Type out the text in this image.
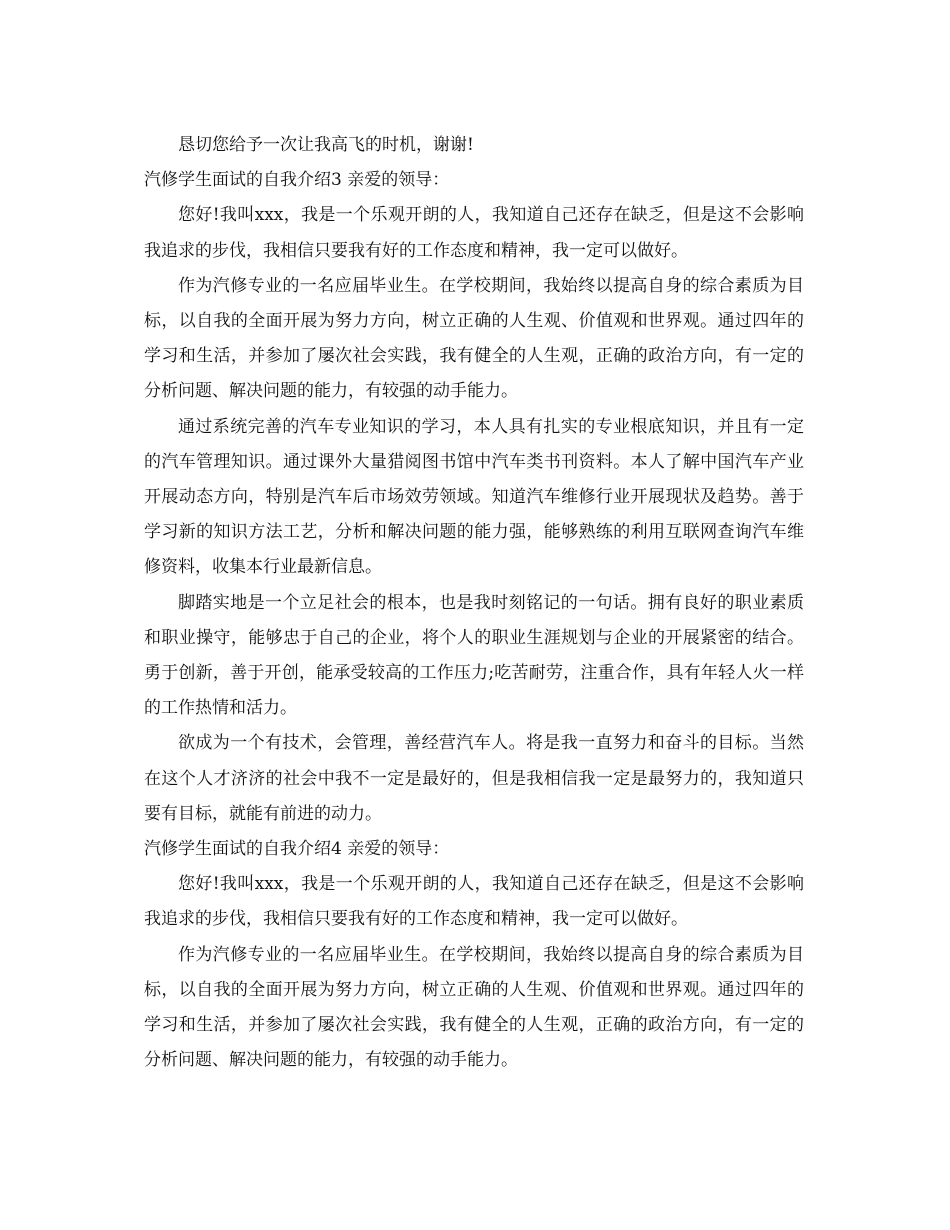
恳切您给予一次让我高飞的时机，谢谢!

汽修学生面试的自我介绍3 亲爱的领导：

您好!我叫xxx，我是一个乐观开朗的人，我知道自己还存在缺乏，但是这不会影响我追求的步伐，我相信只要我有好的工作态度和精神，我一定可以做好。

作为汽修专业的一名应届毕业生。在学校期间，我始终以提高自身的综合素质为目标，以自我的全面开展为努力方向，树立正确的人生观、价值观和世界观。通过四年的学习和生活，并参加了屡次社会实践，我有健全的人生观，正确的政治方向，有一定的分析问题、解决问题的能力，有较强的动手能力。

通过系统完善的汽车专业知识的学习，本人具有扎实的专业根底知识，并且有一定的汽车管理知识。通过课外大量猎阅图书馆中汽车类书刊资料。本人了解中国汽车产业开展动态方向，特别是汽车后市场效劳领域。知道汽车维修行业开展现状及趋势。善于学习新的知识方法工艺，分析和解决问题的能力强，能够熟练的利用互联网查询汽车维修资料，收集本行业最新信息。

脚踏实地是一个立足社会的根本，也是我时刻铭记的一句话。拥有良好的职业素质和职业操守，能够忠于自己的企业，将个人的职业生涯规划与企业的开展紧密的结合。勇于创新，善于开创，能承受较高的工作压力;吃苦耐劳，注重合作，具有年轻人火一样的工作热情和活力。

欲成为一个有技术，会管理，善经营汽车人。将是我一直努力和奋斗的目标。当然在这个人才济济的社会中我不一定是最好的，但是我相信我一定是最努力的，我知道只要有目标，就能有前进的动力。

汽修学生面试的自我介绍4 亲爱的领导：

您好!我叫xxx，我是一个乐观开朗的人，我知道自己还存在缺乏，但是这不会影响我追求的步伐，我相信只要我有好的工作态度和精神，我一定可以做好。

作为汽修专业的一名应届毕业生。在学校期间，我始终以提高自身的综合素质为目标，以自我的全面开展为努力方向，树立正确的人生观、价值观和世界观。通过四年的学习和生活，并参加了屡次社会实践，我有健全的人生观，正确的政治方向，有一定的分析问题、解决问题的能力，有较强的动手能力。
